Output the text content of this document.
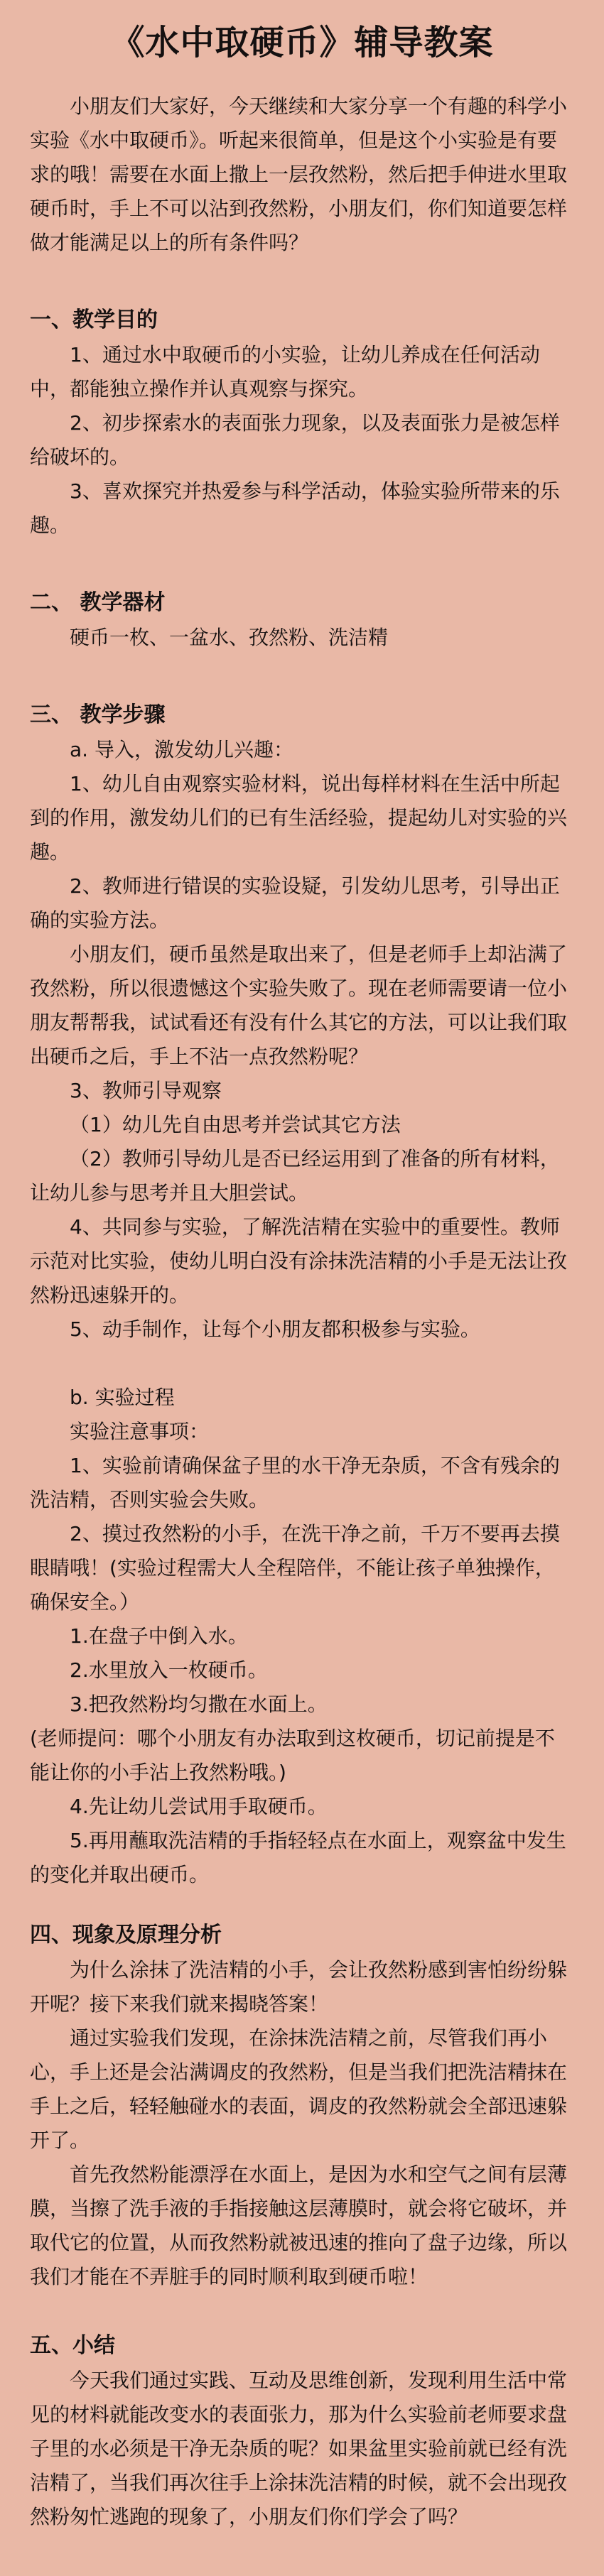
《水中取硬币》辅导教案

小朋友们大家好，今天继续和大家分享一个有趣的科学小实验《水中取硬币》。听起来很简单，但是这个小实验是有要求的哦！需要在水面上撒上一层孜然粉，然后把手伸进水里取硬币时，手上不可以沾到孜然粉，小朋友们，你们知道要怎样做才能满足以上的所有条件吗？

一、教学目的

1、通过水中取硬币的小实验，让幼儿养成在任何活动中，都能独立操作并认真观察与探究。

2、初步探索水的表面张力现象，以及表面张力是被怎样给破坏的。

3、喜欢探究并热爱参与科学活动，体验实验所带来的乐趣。

二、 教学器材

硬币一枚、一盆水、孜然粉、洗洁精

三、 教学步骤

a. 导入，激发幼儿兴趣：

1、幼儿自由观察实验材料，说出每样材料在生活中所起到的作用，激发幼儿们的已有生活经验，提起幼儿对实验的兴趣。

2、教师进行错误的实验设疑，引发幼儿思考，引导出正确的实验方法。

小朋友们，硬币虽然是取出来了，但是老师手上却沾满了孜然粉，所以很遗憾这个实验失败了。现在老师需要请一位小朋友帮帮我，试试看还有没有什么其它的方法，可以让我们取出硬币之后，手上不沾一点孜然粉呢？

3、教师引导观察

（1）幼儿先自由思考并尝试其它方法

（2）教师引导幼儿是否已经运用到了准备的所有材料，让幼儿参与思考并且大胆尝试。

4、共同参与实验，了解洗洁精在实验中的重要性。教师示范对比实验，使幼儿明白没有涂抹洗洁精的小手是无法让孜然粉迅速躲开的。

5、动手制作，让每个小朋友都积极参与实验。

b. 实验过程

实验注意事项：

1、实验前请确保盆子里的水干净无杂质，不含有残余的洗洁精，否则实验会失败。

2、摸过孜然粉的小手，在洗干净之前，千万不要再去摸眼睛哦！(实验过程需大人全程陪伴，不能让孩子单独操作，确保安全。）

1.在盘子中倒入水。

2.水里放入一枚硬币。

3.把孜然粉均匀撒在水面上。

(老师提问：哪个小朋友有办法取到这枚硬币，切记前提是不能让你的小手沾上孜然粉哦。)

4.先让幼儿尝试用手取硬币。

5.再用蘸取洗洁精的手指轻轻点在水面上，观察盆中发生的变化并取出硬币。

四、现象及原理分析

为什么涂抹了洗洁精的小手，会让孜然粉感到害怕纷纷躲开呢？接下来我们就来揭晓答案！

通过实验我们发现，在涂抹洗洁精之前，尽管我们再小心，手上还是会沾满调皮的孜然粉，但是当我们把洗洁精抹在手上之后，轻轻触碰水的表面，调皮的孜然粉就会全部迅速躲开了。

首先孜然粉能漂浮在水面上，是因为水和空气之间有层薄膜，当擦了洗手液的手指接触这层薄膜时，就会将它破坏，并取代它的位置，从而孜然粉就被迅速的推向了盘子边缘，所以我们才能在不弄脏手的同时顺利取到硬币啦！

五、小结

今天我们通过实践、互动及思维创新，发现利用生活中常见的材料就能改变水的表面张力，那为什么实验前老师要求盘子里的水必须是干净无杂质的呢？如果盆里实验前就已经有洗洁精了，当我们再次往手上涂抹洗洁精的时候，就不会出现孜然粉匆忙逃跑的现象了，小朋友们你们学会了吗？
